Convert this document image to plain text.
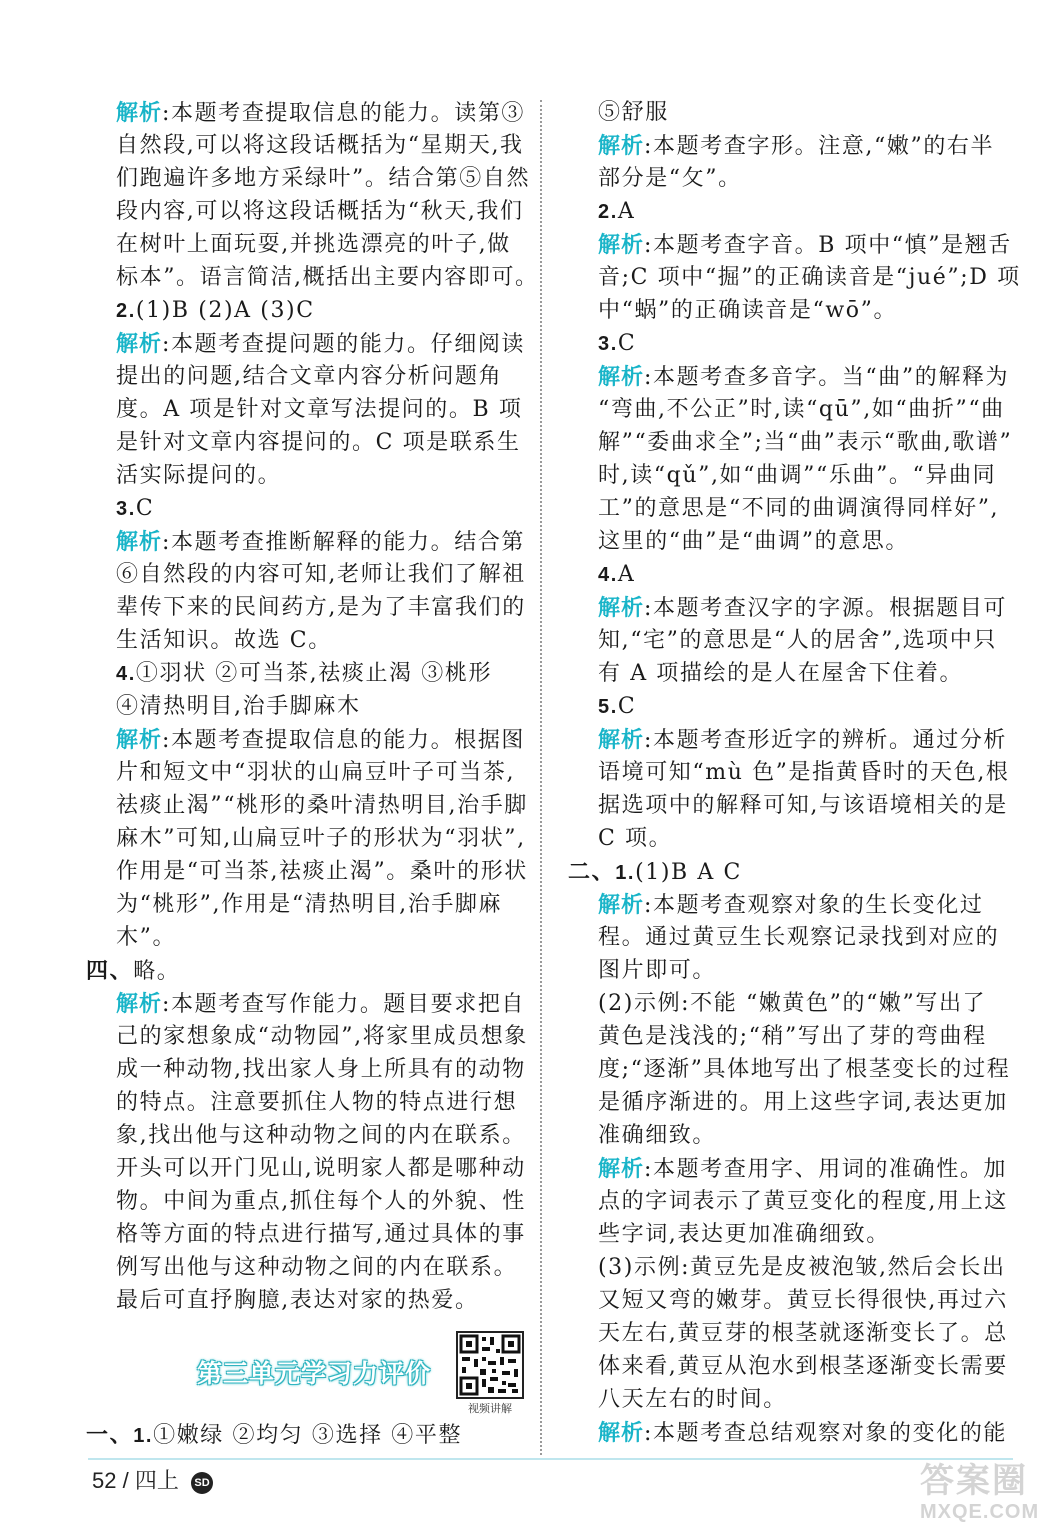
解析:本题考查提取信息的能力。读第③
自然段,可以将这段话概括为“星期天,我
们跑遍许多地方采绿叶”。结合第⑤自然
段内容,可以将这段话概括为“秋天,我们
在树叶上面玩耍,并挑选漂亮的叶子,做
标本”。语言简洁,概括出主要内容即可。
2.(1)B (2)A (3)C
解析:本题考查提问题的能力。仔细阅读
提出的问题,结合文章内容分析问题角
度。A 项是针对文章写法提问的。B 项
是针对文章内容提问的。C 项是联系生
活实际提问的。
3.C
解析:本题考查推断解释的能力。结合第
⑥自然段的内容可知,老师让我们了解祖
辈传下来的民间药方,是为了丰富我们的
生活知识。故选 C。
4.①羽状 ②可当茶,祛痰止渴 ③桃形
④清热明目,治手脚麻木
解析:本题考查提取信息的能力。根据图
片和短文中“羽状的山扁豆叶子可当茶,
祛痰止渴”“桃形的桑叶清热明目,治手脚
麻木”可知,山扁豆叶子的形状为“羽状”,
作用是“可当茶,祛痰止渴”。桑叶的形状
为“桃形”,作用是“清热明目,治手脚麻
木”。
四、略。
解析:本题考查写作能力。题目要求把自
己的家想象成“动物园”,将家里成员想象
成一种动物,找出家人身上所具有的动物
的特点。注意要抓住人物的特点进行想
象,找出他与这种动物之间的内在联系。
开头可以开门见山,说明家人都是哪种动
物。中间为重点,抓住每个人的外貌、性
格等方面的特点进行描写,通过具体的事
例写出他与这种动物之间的内在联系。
最后可直抒胸臆,表达对家的热爱。
第三单元学习力评价
视频讲解
一、1.①嫩绿 ②均匀 ③选择 ④平整
⑤舒服
解析:本题考查字形。注意,“嫩”的右半
部分是“攵”。
2.A
解析:本题考查字音。B 项中“慎”是翘舌
音;C 项中“掘”的正确读音是“jué”;D 项
中“蜗”的正确读音是“wō”。
3.C
解析:本题考查多音字。当“曲”的解释为
“弯曲,不公正”时,读“qū”,如“曲折”“曲
解”“委曲求全”;当“曲”表示“歌曲,歌谱”
时,读“qǔ”,如“曲调”“乐曲”。“异曲同
工”的意思是“不同的曲调演得同样好”,
这里的“曲”是“曲调”的意思。
4.A
解析:本题考查汉字的字源。根据题目可
知,“宅”的意思是“人的居舍”,选项中只
有 A 项描绘的是人在屋舍下住着。
5.C
解析:本题考查形近字的辨析。通过分析
语境可知“mù 色”是指黄昏时的天色,根
据选项中的解释可知,与该语境相关的是
C 项。
二、1.(1)B A C
解析:本题考查观察对象的生长变化过
程。通过黄豆生长观察记录找到对应的
图片即可。
(2)示例:不能 “嫩黄色”的“嫩”写出了
黄色是浅浅的;“稍”写出了芽的弯曲程
度;“逐渐”具体地写出了根茎变长的过程
是循序渐进的。用上这些字词,表达更加
准确细致。
解析:本题考查用字、用词的准确性。加
点的字词表示了黄豆变化的程度,用上这
些字词,表达更加准确细致。
(3)示例:黄豆先是皮被泡皱,然后会长出
又短又弯的嫩芽。黄豆长得很快,再过六
天左右,黄豆芽的根茎就逐渐变长了。总
体来看,黄豆从泡水到根茎逐渐变长需要
八天左右的时间。
解析:本题考查总结观察对象的变化的能
52 / 四上 SD	答案圈
MXQE.COM
